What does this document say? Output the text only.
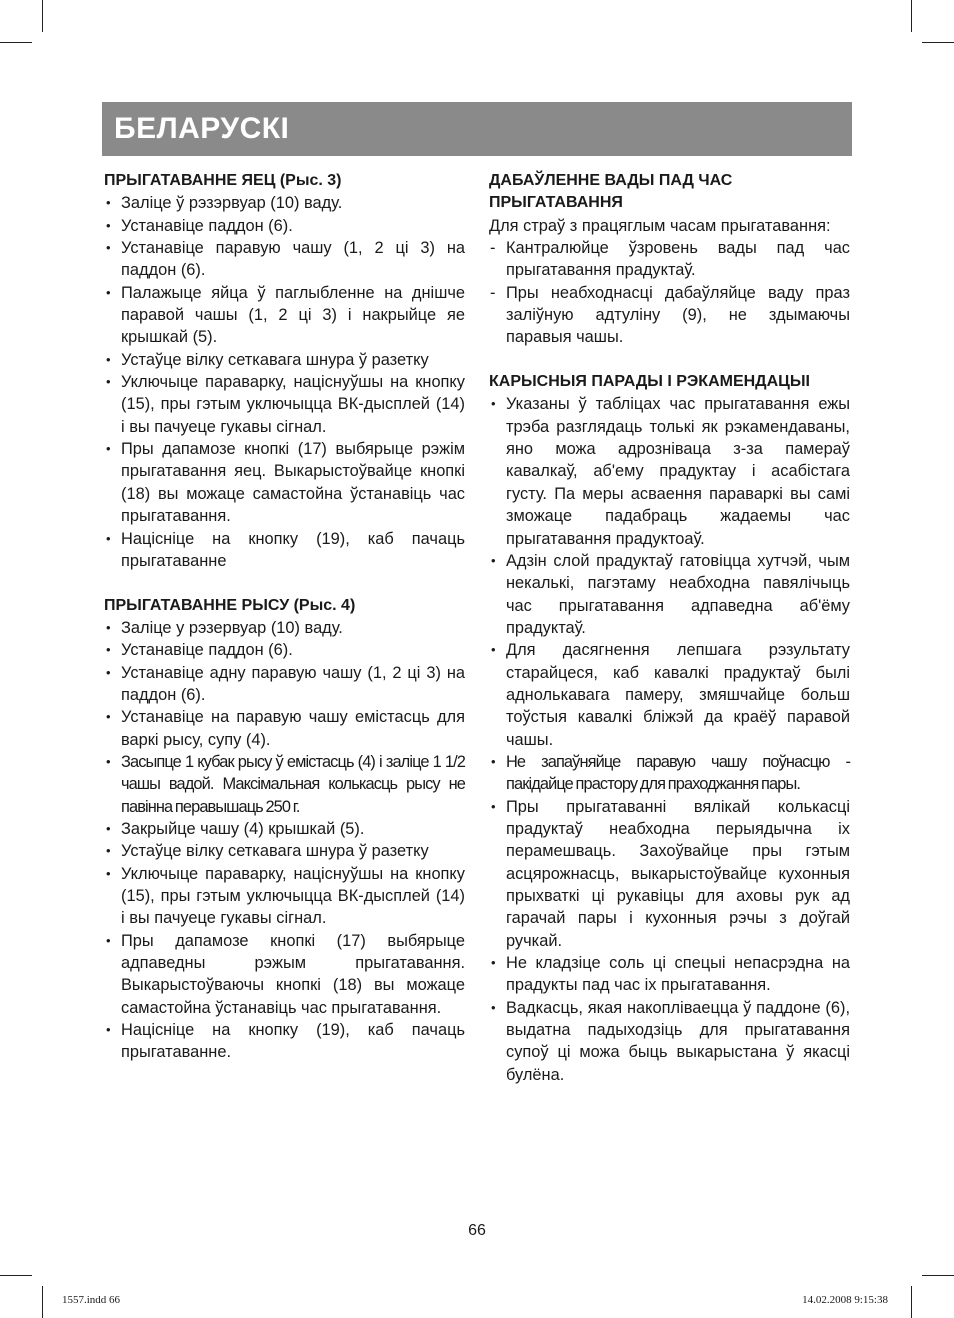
БЕЛАРУСКІ
ПРЫГАТАВАННЕ ЯЕЦ (Рыс. 3)
• Заліце ў рэзэрвуар (10) ваду.
• Устанавіце паддон (6).
• Устанавіце паравую чашу (1, 2 ці 3) на паддон (6).
• Палажыце яйца ў паглыбленне на днішче паравой чашы (1, 2 ці 3) і накрыйце яе крышкай (5).
• Устаўце вілку сеткавага шнура ў разетку
• Уключыце параварку, націснуўшы на кнопку (15), пры гэтым уключыцца ВК-дысплей (14) і вы пачуеце гукавы сігнал.
• Пры дапамозе кнопкі (17) выбярыце рэжім прыгатавання яец. Выкарыстоўвайце кнопкі (18) вы можаце самастойна ўстанавіць час прыгатавання.
• Націсніце на кнопку (19), каб пачаць прыгатаванне
ПРЫГАТАВАННЕ РЫСУ (Рыс. 4)
• Заліце у рэзервуар (10) ваду.
• Устанавіце паддон (6).
• Устанавіце адну паравую чашу (1, 2 ці 3) на паддон (6).
• Устанавіце на паравую чашу емістасць для варкі рысу, супу (4).
• Засыпце 1 кубак рысу ў емістасць (4) і заліце 1 1/2 чашы вадой. Максімальная колькасць рысу не павінна перавышаць 250 г.
• Закрыйце чашу (4) крышкай (5).
• Устаўце вілку сеткавага шнура ў разетку
• Уключыце параварку, націснуўшы на кнопку (15), пры гэтым уключыцца ВК-дысплей (14) і вы пачуеце гукавы сігнал.
• Пры дапамозе кнопкі (17) выбярыце адпаведны рэжым прыгатавання. Выкарыстоўваючы кнопкі (18) вы можаце самастойна ўстанавіць час прыгатавання.
• Націсніце на кнопку (19), каб пачаць прыгатаванне.
ДАБАЎЛЕННЕ ВАДЫ ПАД ЧАС ПРЫГАТАВАННЯ

Для страў з працяглым часам прыгатавання:

- Кантралюйце ўзровень вады пад час прыгатавання прадуктаў.
- Пры неабходнасці дабаўляйце ваду праз заліўную адтуліну (9), не здымаючы паравыя чашы.
КАРЫСНЫЯ ПАРАДЫ І РЭКАМЕНДАЦЫІ
• Указаны ў табліцах час прыгатавання ежы трэба разглядаць толькі як рэкамендаваны, яно можа адрозніваца з-за памераў кавалкаў, аб'ему прадуктау і асабістага густу. Па меры асваення параваркі вы самі зможаце падабраць жадаемы час прыгатавання прадуктоаў.
• Адзін слой прадуктаў гатовіцца хутчэй, чым некалькі, пагэтаму неабходна павялічыць час прыгатавання адпаведна аб'ёму прадуктаў.
• Для дасягнення лепшага рэзультату старайцеся, каб кавалкі прадуктаў былі аднолькавага памеру, змяшчайце больш тоўстыя кавалкі бліжэй да краёў паравой чашы.
• Не запаўняйце паравую чашу поўнасцю - пакідайце прастору для праходжання пары.
• Пры прыгатаванні вялікай колькасці прадуктаў неабходна перыядычна іх перамешваць. Захоўвайце пры гэтым асцярожнасць, выкарыстоўвайце кухонныя прыхваткі ці рукавіцы для аховы рук ад гарачай пары і кухонныя рэчы з доўгай ручкай.
• Не кладзіце соль ці спецыі непасрэдна на прадукты пад час іх прыгатавання.
• Вадкасць, якая накопліваецца ў паддоне (6), выдатна падыходзіць для прыгатавання супоў ці можа быць выкарыстана ў якасці булёна.
66
1557.indd 66	14.02.2008 9:15:38
